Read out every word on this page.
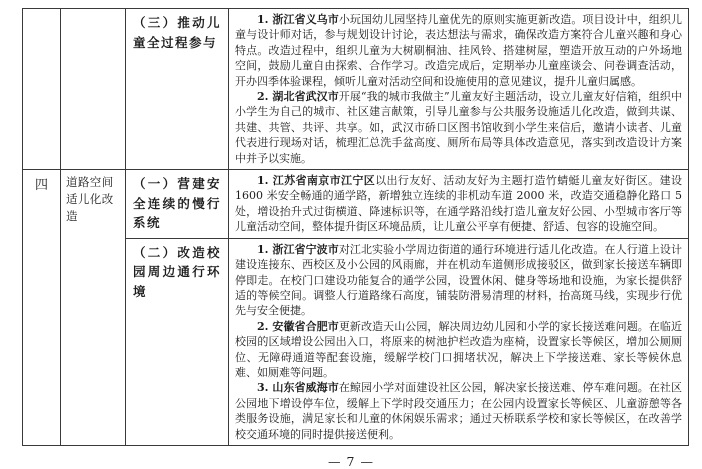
		（三）推动儿童全过程参与	1. 浙江省义乌市小玩国幼儿园坚持儿童优先的原则实施更新改造。项目设计中，组织儿童与设计师对话，参与规划设计讨论，表达想法与需求，确保改造方案符合儿童兴趣和身心特点。改造过程中，组织儿童为大树刷桐油、挂风铃、搭建树屋，塑造开放互动的户外场地空间，鼓励儿童自由探索、合作学习。改造完成后，定期举办儿童座谈会、问卷调查活动，开办四季体验课程，倾听儿童对活动空间和设施使用的意见建议，提升儿童归属感。

2. 湖北省武汉市开展“我的城市我做主”儿童友好主题活动，设立儿童友好信箱，组织中小学生为自己的城市、社区建言献策，引导儿童参与公共服务设施适儿化改造，做到共谋、共建、共管、共评、共享。如，武汉市硚口区图书馆收到小学生来信后，邀请小读者、儿童代表进行现场对话，梳理汇总洗手盆高度、厕所布局等具体改造意见，落实到改造设计方案中并予以实施。

四	道路空间适儿化改造	（一）营建安全连续的慢行系统	1. 江苏省南京市江宁区以出行友好、活动友好为主题打造竹蜻蜓儿童友好街区。建设 1600 米安全畅通的通学路，新增独立连续的非机动车道 2000 米，改造交通稳静化路口 5 处，增设抬升式过街横道、降速标识等，在通学路沿线打造儿童友好公园、小型城市客厅等儿童活动空间，整体提升街区环境品质，让儿童公平享有便捷、舒适、包容的设施空间。

		（二）改造校园周边通行环境	1. 浙江省宁波市对江北实验小学周边街道的通行环境进行适儿化改造。在人行道上设计建设连接东、西校区及小公园的风雨廊，并在机动车道侧形成接驳区，做到家长接送车辆即停即走。在校门口建设功能复合的通学公园，设置休闲、健身等场地和设施，为家长提供舒适的等候空间。调整人行道路缘石高度，铺装防滑易清理的材料，抬高斑马线，实现步行优先与安全便捷。

2. 安徽省合肥市更新改造天山公园，解决周边幼儿园和小学的家长接送难问题。在临近校园的区域增设公园出入口，将原来的树池护栏改造为座椅，设置家长等候区，增加公厕厕位、无障碍通道等配套设施，缓解学校门口拥堵状况，解决上下学接送难、家长等候休息难、如厕难等问题。

3. 山东省威海市在鲸园小学对面建设社区公园，解决家长接送难、停车难问题。在社区公园地下增设停车位，缓解上下学时段交通压力；在公园内设置家长等候区、儿童游憩等各类服务设施，满足家长和儿童的休闲娱乐需求；通过天桥联系学校和家长等候区，在改善学校交通环境的同时提供接送便利。

— 7 —
